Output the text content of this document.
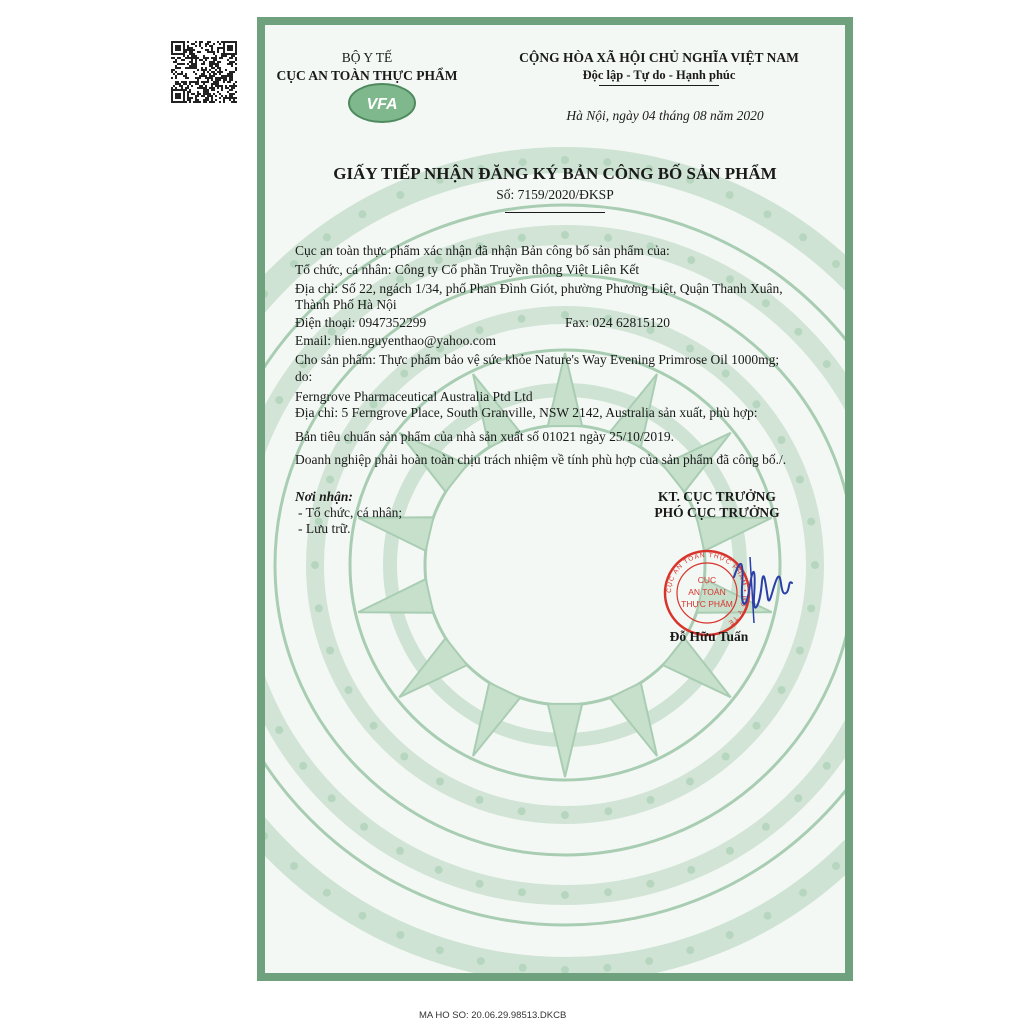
VFA
BỘ Y TẾ
CỤC AN TOÀN THỰC PHẨM
CỘNG HÒA XÃ HỘI CHỦ NGHĨA VIỆT NAM
Độc lập - Tự do - Hạnh phúc
Hà Nội, ngày 04 tháng 08 năm 2020
GIẤY TIẾP NHẬN ĐĂNG KÝ BẢN CÔNG BỐ SẢN PHẨM
Số: 7159/2020/ĐKSP
Cục an toàn thực phẩm xác nhận đã nhận Bản công bố sản phẩm của:
Tổ chức, cá nhân: Công ty Cổ phần Truyền thông Việt Liên Kết
Địa chỉ: Số 22, ngách 1/34, phố Phan Đình Giót, phường Phương Liệt, Quận Thanh Xuân,
Thành Phố Hà Nội
Điện thoại: 0947352299	Fax: 024 62815120
Email: hien.nguyenthao@yahoo.com
Cho sản phẩm: Thực phẩm bảo vệ sức khỏe Nature's Way Evening Primrose Oil 1000mg;
do:
Ferngrove Pharmaceutical Australia Ptd Ltd
Địa chỉ: 5 Ferngrove Place, South Granville, NSW 2142, Australia sản xuất, phù hợp:
Bản tiêu chuẩn sản phẩm của nhà sản xuất số 01021 ngày 25/10/2019.
Doanh nghiệp phải hoàn toàn chịu trách nhiệm về tính phù hợp của sản phẩm đã công bố./.
Nơi nhận:
- Tổ chức, cá nhân;
- Lưu trữ.
KT. CỤC TRƯỞNG
PHÓ CỤC TRƯỞNG
CỤC AN TOÀN THỰC PHẨM • BỘ Y TẾ
CỤC
AN TOÀN
THỰC PHẨM
Đỗ Hữu Tuấn
MA HO SO: 20.06.29.98513.DKCB
